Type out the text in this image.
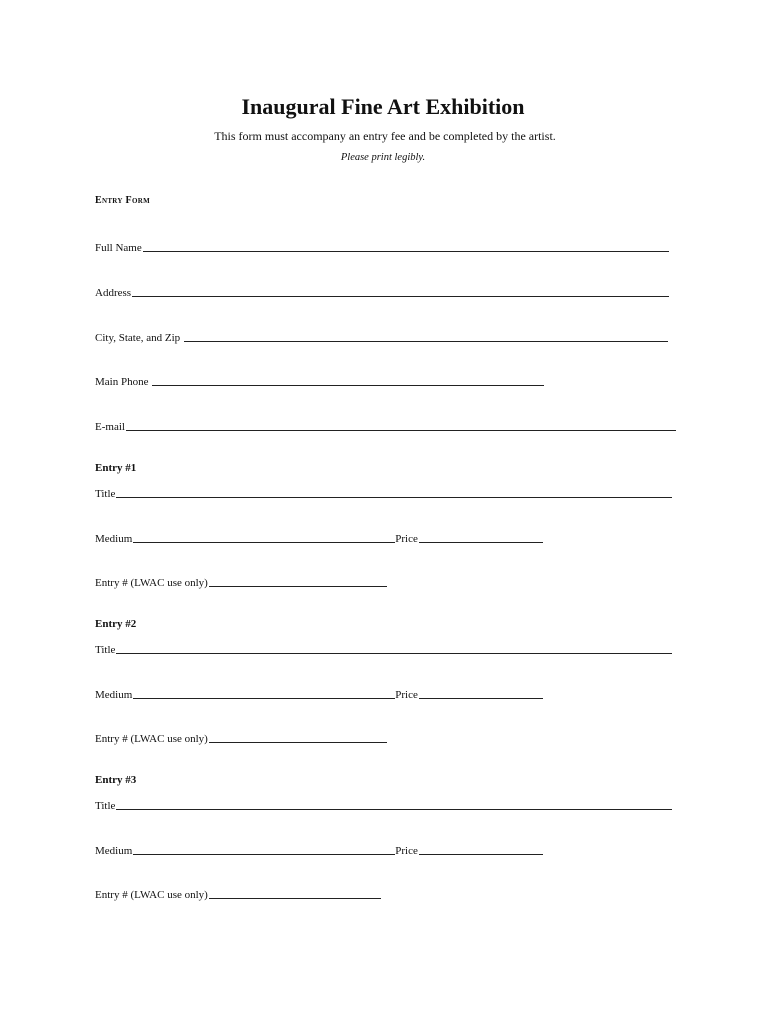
Inaugural Fine Art Exhibition
This form must accompany an entry fee and be completed by the artist.
Please print legibly.
Entry Form
Full Name
Address
City, State, and Zip
Main Phone
E-mail
Entry #1
Title
Medium	Price
Entry # (LWAC use only)
Entry #2
Title
Medium	Price
Entry # (LWAC use only)
Entry #3
Title
Medium	Price
Entry # (LWAC use only)
